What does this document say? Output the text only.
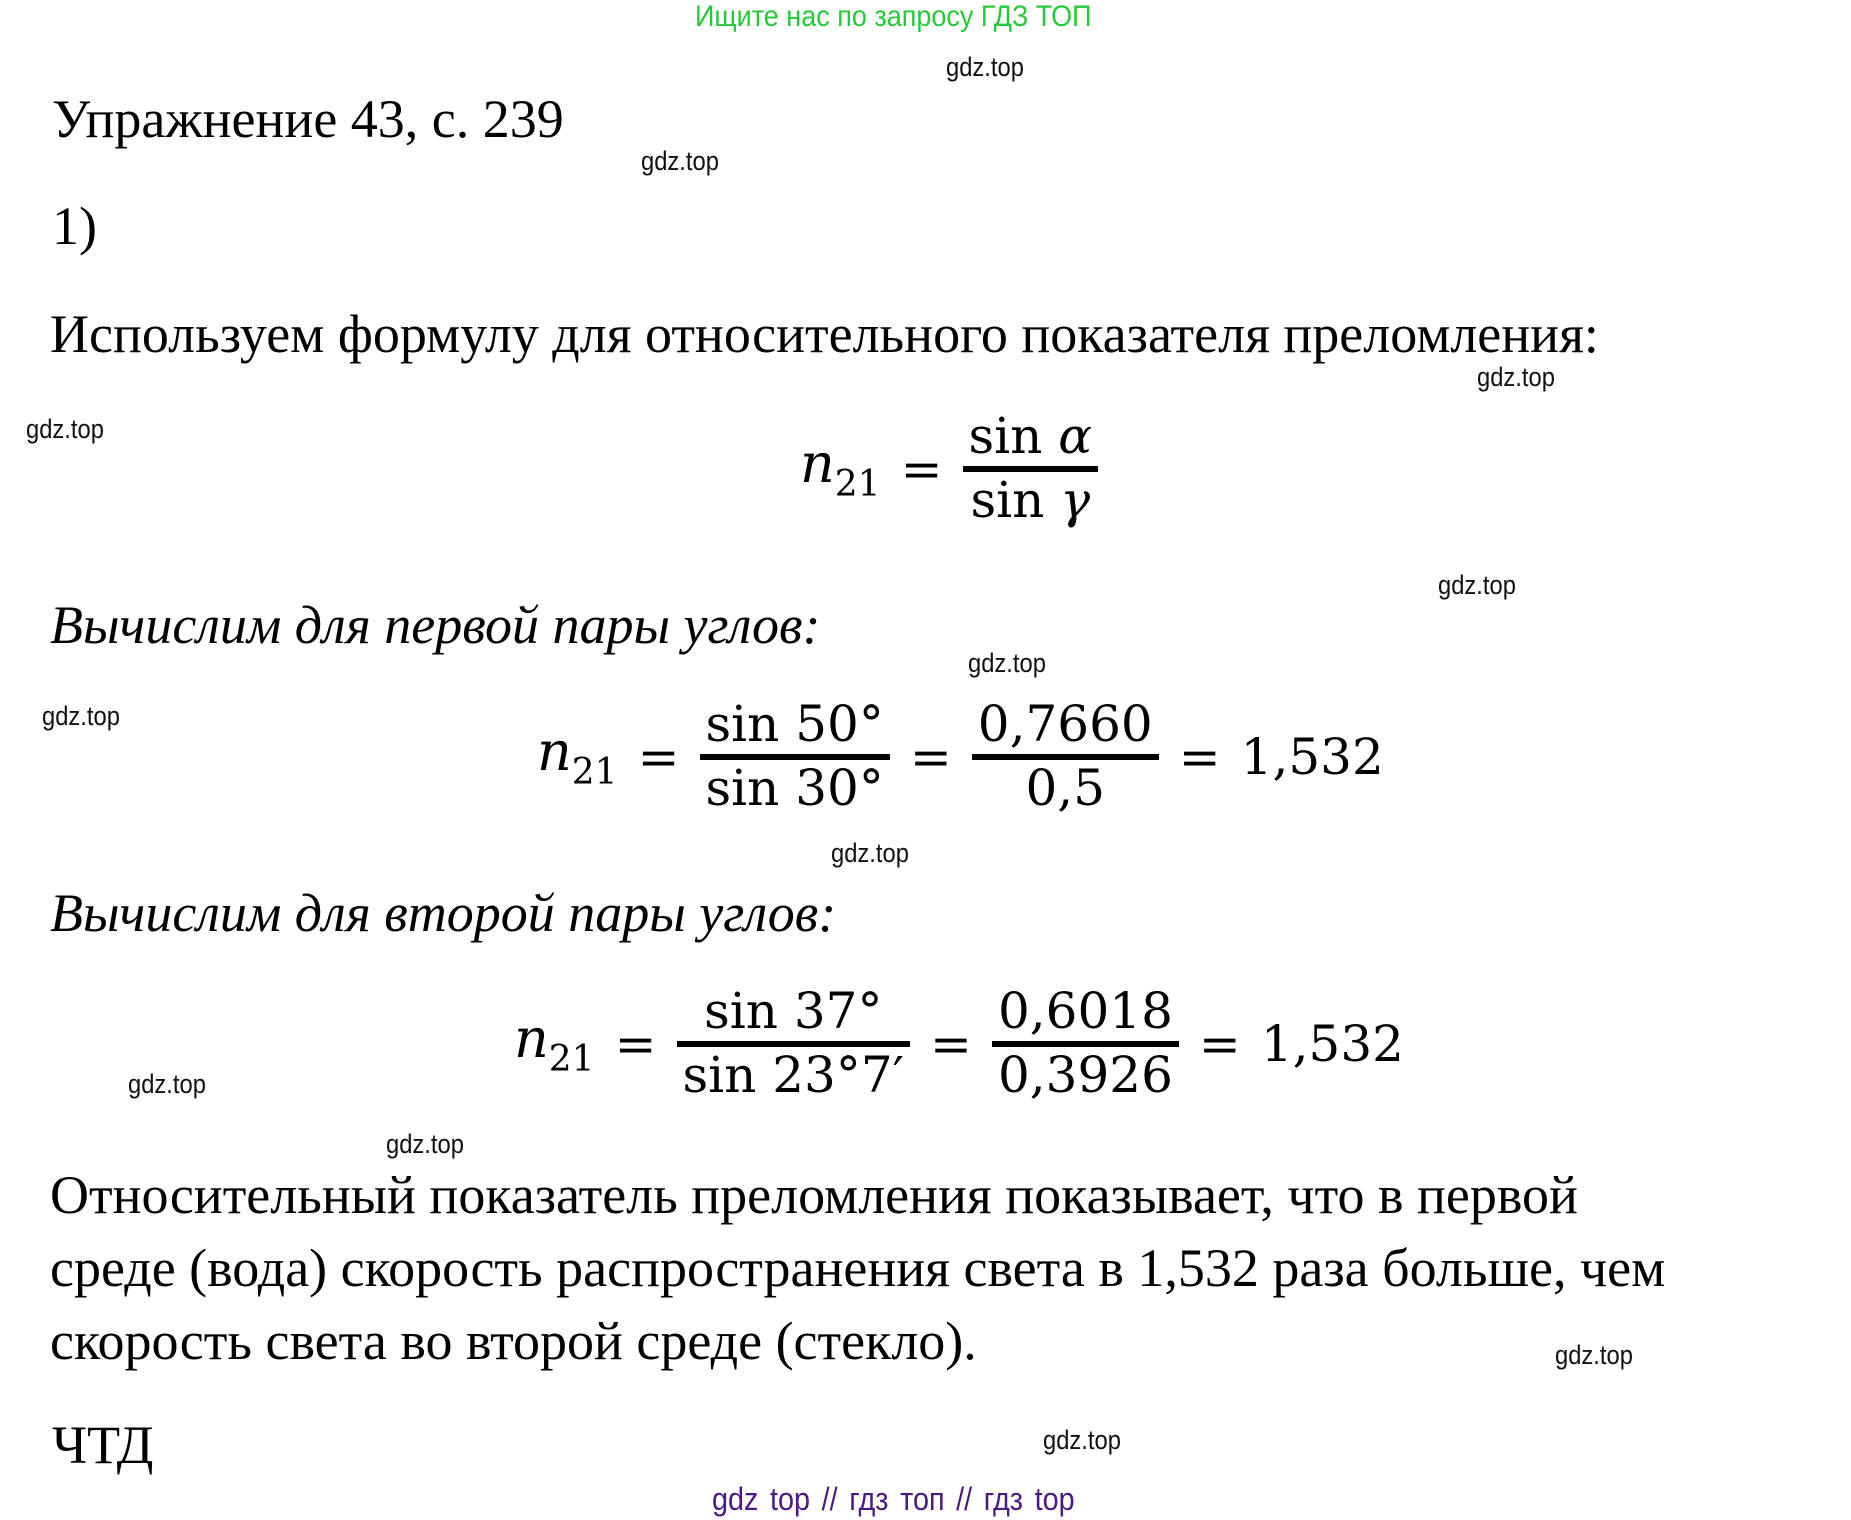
Ищите нас по запросу ГДЗ ТОП
gdz.top
gdz.top
gdz.top
gdz.top
gdz.top
gdz.top
gdz.top
gdz.top
gdz.top
gdz.top
gdz.top
gdz.top
Упражнение 43, с. 239
1)
Используем формулу для относительного показателя преломления:
$n_{21}$ =
sin α
sin γ
Вычислим для первой пары углов:
$n_{21}$ =
sin 50°
sin 30°
=
0,7660
0,5
= 1,532
Вычислим для второй пары углов:
$n_{21}$ =
sin 37°
sin 23°7′
=
0,6018
0,3926
= 1,532
Относительный показатель преломления показывает, что в первой
среде (вода) скорость распространения света в 1,532 раза больше, чем
скорость света во второй среде (стекло).
ЧТД
gdz top // гдз топ // гдз top
